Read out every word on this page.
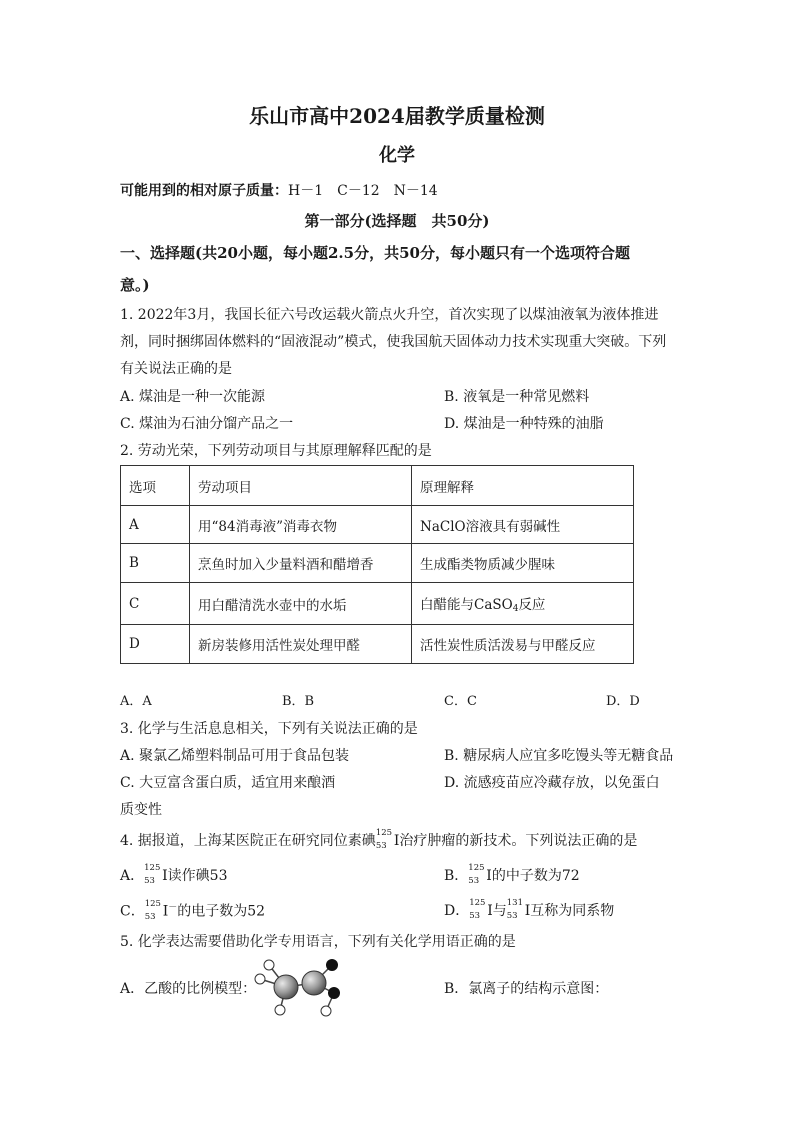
乐山市高中2024届教学质量检测
化学
可能用到的相对原子质量：H－1　C－12　N－14
第一部分(选择题　共50分)
一、选择题(共20小题，每小题2.5分，共50分，每小题只有一个选项符合题
意。)
1. 2022年3月，我国长征六号改运载火箭点火升空，首次实现了以煤油液氧为液体推进
剂，同时捆绑固体燃料的“固液混动”模式，使我国航天固体动力技术实现重大突破。下列
有关说法正确的是
A. 煤油是一种一次能源	B. 液氧是一种常见燃料
C. 煤油为石油分馏产品之一	D. 煤油是一种特殊的油脂
2. 劳动光荣，下列劳动项目与其原理解释匹配的是
选项	劳动项目	原理解释
A	用“84消毒液”消毒衣物	NaClO溶液具有弱碱性
B	烹鱼时加入少量料酒和醋增香	生成酯类物质减少腥味
C	用白醋清洗水壶中的水垢	白醋能与CaSO$_4$反应
D	新房装修用活性炭处理甲醛	活性炭性质活泼易与甲醛反应
A．A	B．B	C．C	D．D
3. 化学与生活息息相关，下列有关说法正确的是
A. 聚氯乙烯塑料制品可用于食品包装	B. 糖尿病人应宜多吃馒头等无糖食品
C. 大豆富含蛋白质，适宜用来酿酒	D. 流感疫苗应冷藏存放，以免蛋白
质变性
4. 据报道，上海某医院正在研究同位素碘 125
53 I治疗肿瘤的新技术。下列说法正确的是
A． 125
53 I读作碘53	B． 125
53 I的中子数为72
C． 125
53 I－的电子数为52	D． 125
53 I与 131
53 I互称为同系物
5. 化学表达需要借助化学专用语言，下列有关化学用语正确的是
A．乙酸的比例模型：	B．氯离子的结构示意图：
